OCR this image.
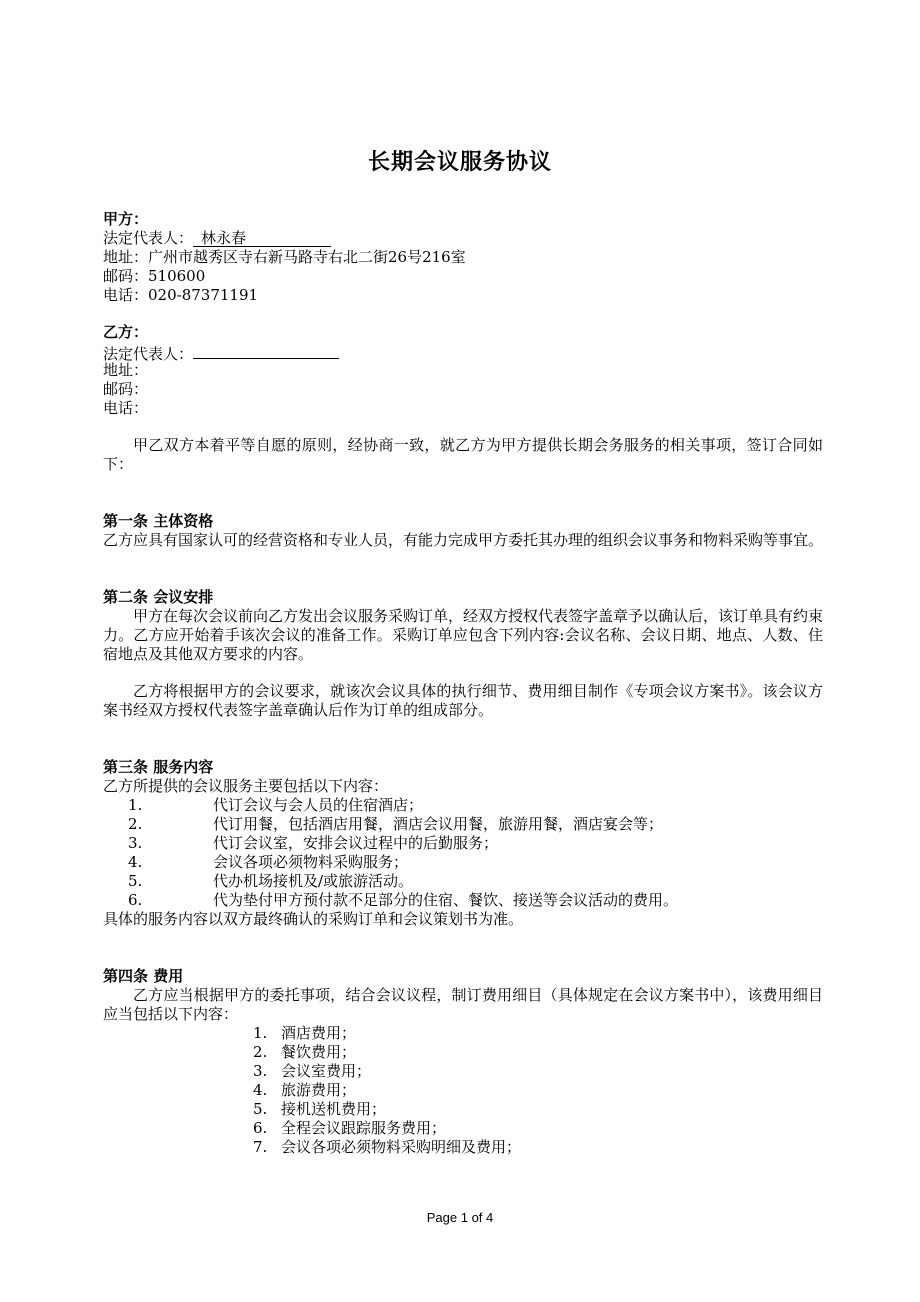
长期会议服务协议
甲方：
法定代表人： 林永春
地址：广州市越秀区寺右新马路寺右北二街26号216室
邮码：510600
电话：020-87371191
乙方：
法定代表人：
地址：
邮码：
电话：
甲乙双方本着平等自愿的原则，经协商一致，就乙方为甲方提供长期会务服务的相关事项，签订合同如下：
第一条 主体资格
乙方应具有国家认可的经营资格和专业人员，有能力完成甲方委托其办理的组织会议事务和物料采购等事宜。
第二条 会议安排
甲方在每次会议前向乙方发出会议服务采购订单，经双方授权代表签字盖章予以确认后，该订单具有约束力。乙方应开始着手该次会议的准备工作。采购订单应包含下列内容:会议名称、会议日期、地点、人数、住宿地点及其他双方要求的内容。
乙方将根据甲方的会议要求，就该次会议具体的执行细节、费用细目制作《专项会议方案书》。该会议方案书经双方授权代表签字盖章确认后作为订单的组成部分。
第三条 服务内容
乙方所提供的会议服务主要包括以下内容：
1.	代订会议与会人员的住宿酒店；
2.	代订用餐，包括酒店用餐，酒店会议用餐，旅游用餐，酒店宴会等；
3.	代订会议室，安排会议过程中的后勤服务；
4.	会议各项必须物料采购服务；
5.	代办机场接机及/或旅游活动。
6.	代为垫付甲方预付款不足部分的住宿、餐饮、接送等会议活动的费用。
具体的服务内容以双方最终确认的采购订单和会议策划书为准。
第四条 费用
乙方应当根据甲方的委托事项，结合会议议程，制订费用细目（具体规定在会议方案书中），该费用细目应当包括以下内容：
1. 酒店费用；
2. 餐饮费用；
3. 会议室费用；
4. 旅游费用；
5. 接机送机费用；
6. 全程会议跟踪服务费用；
7. 会议各项必须物料采购明细及费用；
Page 1 of 4
